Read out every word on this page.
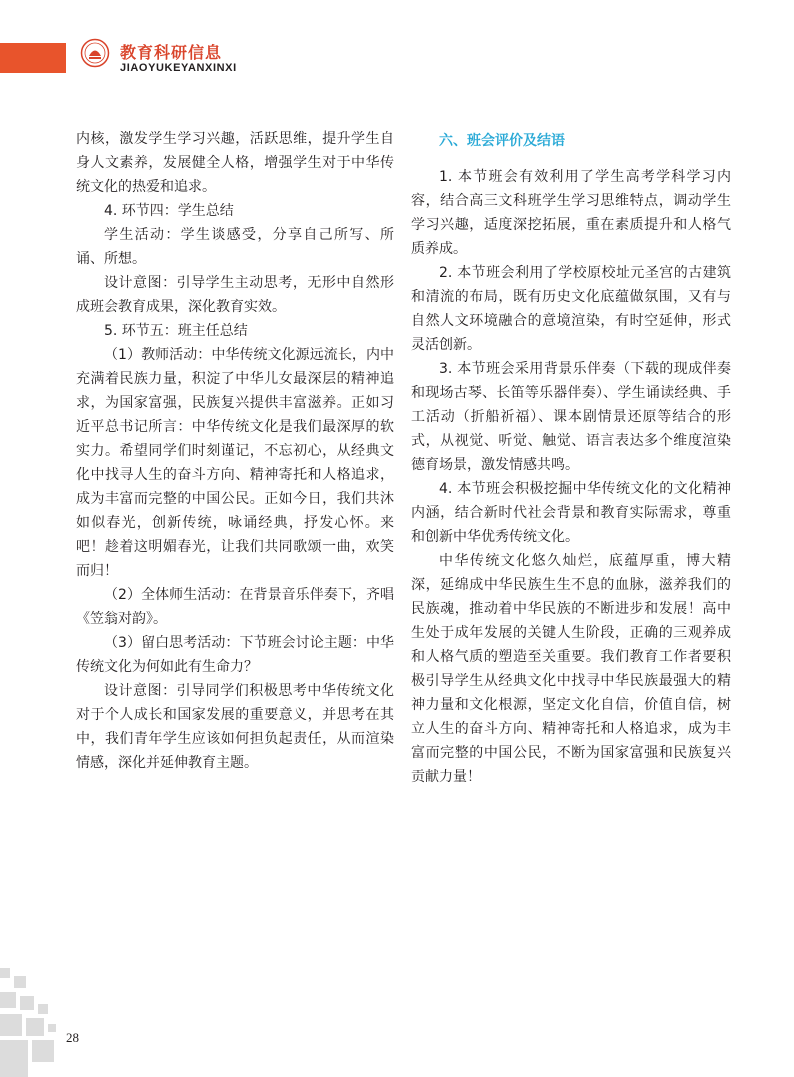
教育科研信息
JIAOYUKEYANXINXI

内核，激发学生学习兴趣，活跃思维，提升学生自身人文素养，发展健全人格，增强学生对于中华传统文化的热爱和追求。

4. 环节四：学生总结

学生活动：学生谈感受，分享自己所写、所诵、所想。

设计意图：引导学生主动思考，无形中自然形成班会教育成果，深化教育实效。

5. 环节五：班主任总结

（1）教师活动：中华传统文化源远流长，内中充满着民族力量，积淀了中华儿女最深层的精神追求，为国家富强，民族复兴提供丰富滋养。正如习近平总书记所言：中华传统文化是我们最深厚的软实力。希望同学们时刻谨记，不忘初心，从经典文化中找寻人生的奋斗方向、精神寄托和人格追求，成为丰富而完整的中国公民。正如今日，我们共沐如似春光，创新传统，咏诵经典，抒发心怀。来吧！趁着这明媚春光，让我们共同歌颂一曲，欢笑而归！

（2）全体师生活动：在背景音乐伴奏下，齐唱《笠翁对韵》。

（3）留白思考活动：下节班会讨论主题：中华传统文化为何如此有生命力？

设计意图：引导同学们积极思考中华传统文化对于个人成长和国家发展的重要意义，并思考在其中，我们青年学生应该如何担负起责任，从而渲染情感，深化并延伸教育主题。

六、班会评价及结语

1. 本节班会有效利用了学生高考学科学习内容，结合高三文科班学生学习思维特点，调动学生学习兴趣，适度深挖拓展，重在素质提升和人格气质养成。

2. 本节班会利用了学校原校址元圣宫的古建筑和清流的布局，既有历史文化底蕴做氛围，又有与自然人文环境融合的意境渲染，有时空延伸，形式灵活创新。

3. 本节班会采用背景乐伴奏（下载的现成伴奏和现场古琴、长笛等乐器伴奏）、学生诵读经典、手工活动（折船祈福）、课本剧情景还原等结合的形式，从视觉、听觉、触觉、语言表达多个维度渲染德育场景，激发情感共鸣。

4. 本节班会积极挖掘中华传统文化的文化精神内涵，结合新时代社会背景和教育实际需求，尊重和创新中华优秀传统文化。

中华传统文化悠久灿烂，底蕴厚重，博大精深，延绵成中华民族生生不息的血脉，滋养我们的民族魂，推动着中华民族的不断进步和发展！高中生处于成年发展的关键人生阶段，正确的三观养成和人格气质的塑造至关重要。我们教育工作者要积极引导学生从经典文化中找寻中华民族最强大的精神力量和文化根源，坚定文化自信，价值自信，树立人生的奋斗方向、精神寄托和人格追求，成为丰富而完整的中国公民，不断为国家富强和民族复兴贡献力量！

28
